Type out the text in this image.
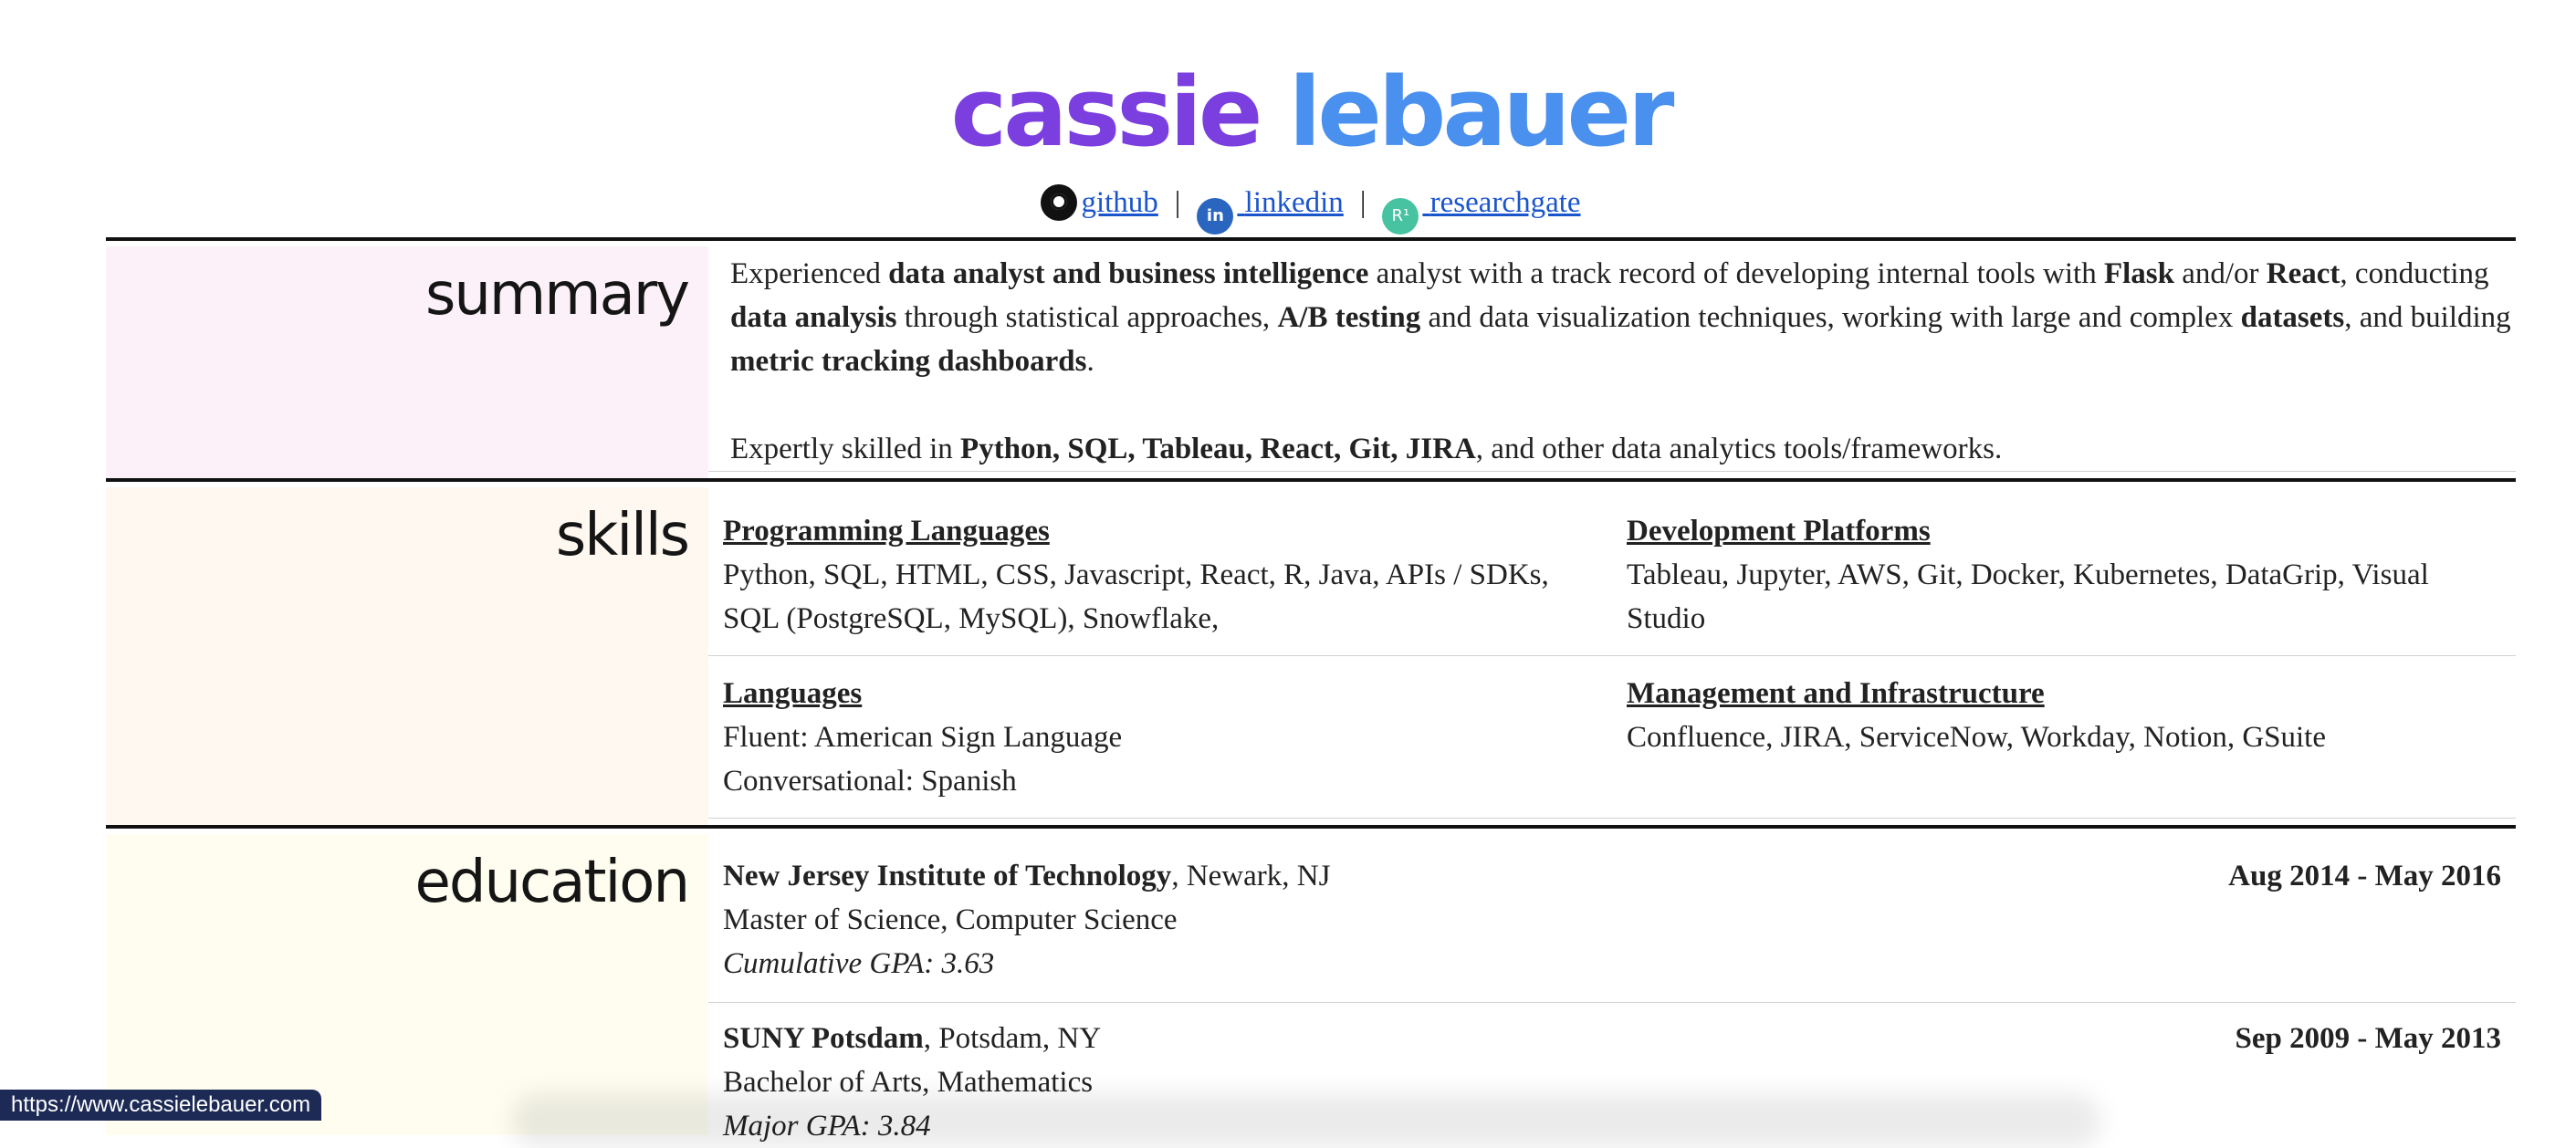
cassie lebauer
github | in linkedin | R¹ researchgate
summary Experienced data analyst and business intelligence analyst with a track record of developing internal tools with Flask and/or React, conducting data analysis through statistical approaches, A/B testing and data visualization techniques, working with large and complex datasets, and building metric tracking dashboards.

Expertly skilled in Python, SQL, Tableau, React, Git, JIRA, and other data analytics tools/frameworks.

skills Programming Languages
Python, SQL, HTML, CSS, Javascript, React, R, Java, APIs / SDKs,
SQL (PostgreSQL, MySQL), Snowflake,
Development Platforms
Tableau, Jupyter, AWS, Git, Docker, Kubernetes, DataGrip, Visual
Studio
Languages
Fluent: American Sign Language
Conversational: Spanish
Management and Infrastructure
Confluence, JIRA, ServiceNow, Workday, Notion, GSuite
education New Jersey Institute of Technology, Newark, NJ
Master of Science, Computer Science
Cumulative GPA: 3.63
Aug 2014 - May 2016
SUNY Potsdam, Potsdam, NY
Bachelor of Arts, Mathematics
Major GPA: 3.84
Sep 2009 - May 2013
https://www.cassielebauer.com
